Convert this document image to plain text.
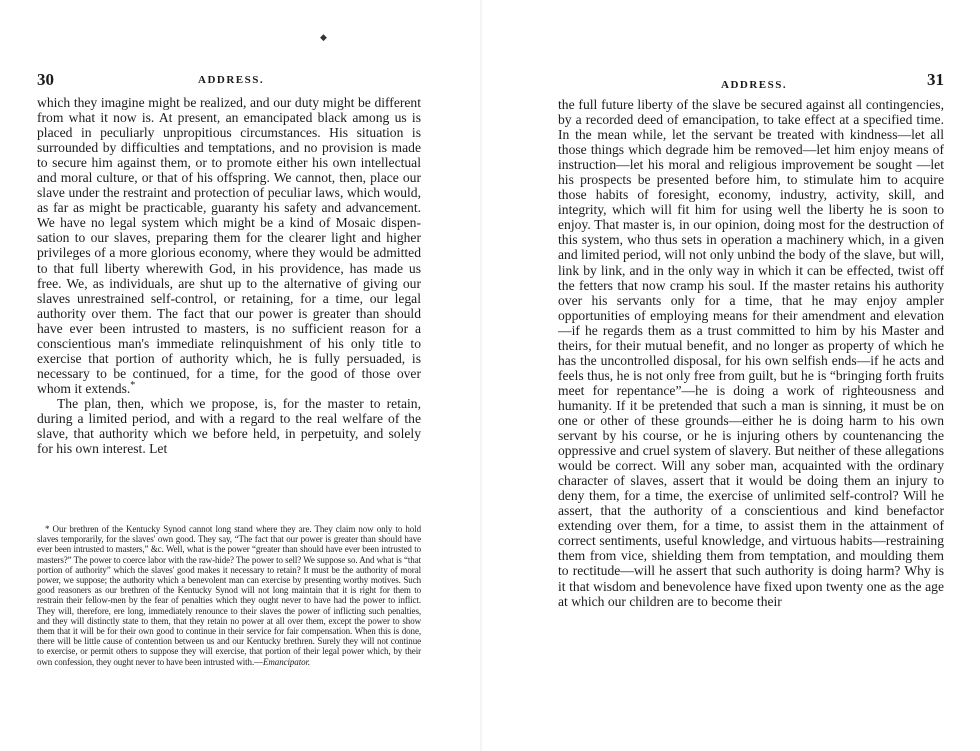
◆
30	ADDRESS.

which they imagine might be realized, and our duty might be different from what it now is. At present, an emancipated black among us is placed in peculiarly unpropitious circumstances. His situation is surrounded by difficulties and temptations, and no provision is made to secure him against them, or to promote either his own intellectual and moral culture, or that of his offspring. We cannot, then, place our slave under the restraint and protection of peculiar laws, which would, as far as might be practicable, guaranty his safety and advancement. We have no legal system which might be a kind of Mosaic dispensation to our slaves, preparing them for the clearer light and higher privileges of a more glorious economy, where they would be admitted to that full liberty wherewith God, in his providence, has made us free. We, as individuals, are shut up to the alternative of giving our slaves unrestrained self-control, or retaining, for a time, our legal authority over them. The fact that our power is greater than should have ever been intrusted to masters, is no sufficient reason for a conscientious man's immediate relinquishment of his only title to exercise that portion of authority which, he is fully persuaded, is necessary to be continued, for a time, for the good of those over whom it extends.*

The plan, then, which we propose, is, for the master to retain, during a limited period, and with a regard to the real welfare of the slave, that authority which we before held, in perpetuity, and solely for his own interest. Let

* Our brethren of the Kentucky Synod cannot long stand where they are. They claim now only to hold slaves temporarily, for the slaves' own good. They say, “The fact that our power is greater than should have ever been intrusted to masters,” &c. Well, what is the power “greater than should have ever been intrusted to masters?” The power to coerce labor with the raw-hide? The power to sell? We suppose so. And what is “that portion of authority” which the slaves' good makes it necessary to retain? It must be the authority of moral power, we suppose; the authority which a benevolent man can exercise by presenting worthy motives. Such good reasoners as our brethren of the Kentucky Synod will not long maintain that it is right for them to restrain their fellow-men by the fear of penalties which they ought never to have had the power to inflict. They will, therefore, ere long, immediately renounce to their slaves the power of inflicting such penalties, and they will distinctly state to them, that they retain no power at all over them, except the power to show them that it will be for their own good to continue in their service for fair compensation. When this is done, there will be little cause of contention between us and our Kentucky brethren. Surely they will not continue to exercise, or permit others to suppose they will exercise, that portion of their legal power which, by their own confession, they ought never to have been intrusted with.—Emancipator.

ADDRESS.	31

the full future liberty of the slave be secured against all contingencies, by a recorded deed of emancipation, to take effect at a specified time. In the mean while, let the servant be treated with kindness—let all those things which degrade him be removed—let him enjoy means of instruction—let his moral and religious improvement be sought —let his prospects be presented before him, to stimulate him to acquire those habits of foresight, economy, industry, activity, skill, and integrity, which will fit him for using well the liberty he is soon to enjoy. That master is, in our opinion, doing most for the destruction of this system, who thus sets in operation a machinery which, in a given and limited period, will not only unbind the body of the slave, but will, link by link, and in the only way in which it can be effected, twist off the fetters that now cramp his soul. If the master retains his authority over his servants only for a time, that he may enjoy ampler opportunities of employing means for their amendment and elevation—if he regards them as a trust committed to him by his Master and theirs, for their mutual benefit, and no longer as property of which he has the uncontrolled disposal, for his own selfish ends—if he acts and feels thus, he is not only free from guilt, but he is “bringing forth fruits meet for repentance”—he is doing a work of righteousness and humanity. If it be pretended that such a man is sinning, it must be on one or other of these grounds—either he is doing harm to his own servant by his course, or he is injuring others by countenancing the oppressive and cruel system of slavery. But neither of these allegations would be correct. Will any sober man, acquainted with the ordinary character of slaves, assert that it would be doing them an injury to deny them, for a time, the exercise of unlimited self-control? Will he assert, that the authority of a conscientious and kind benefactor extending over them, for a time, to assist them in the attainment of correct sentiments, useful knowledge, and virtuous habits—restraining them from vice, shielding them from temptation, and moulding them to rectitude—will he assert that such authority is doing harm? Why is it that wisdom and benevolence have fixed upon twenty one as the age at which our children are to become their
